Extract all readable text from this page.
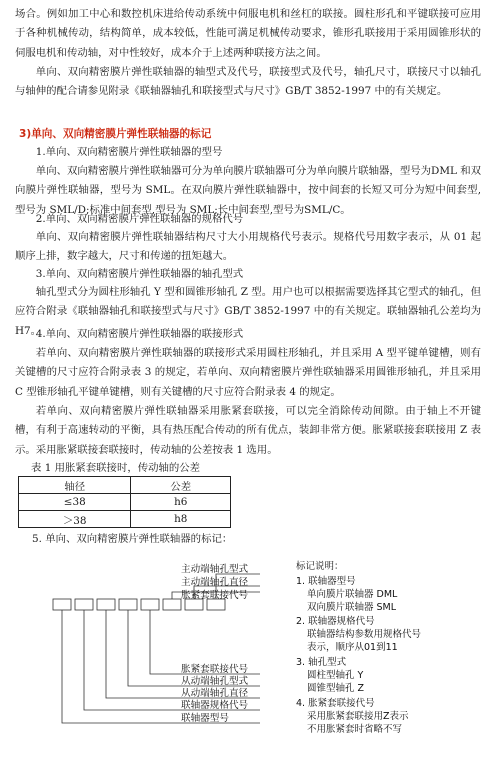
场合。例如加工中心和数控机床进给传动系统中伺服电机和丝杠的联接。圆柱形孔和平键联接可应用于各种机械传动，结构简单，成本较低，性能可满足机械传动要求，锥形孔联接用于采用圆锥形状的伺服电机和传动轴，对中性较好，成本介于上述两种联接方法之间。

单向、双向精密膜片弹性联轴器的轴型式及代号，联接型式及代号，轴孔尺寸，联接尺寸以轴孔与轴伸的配合请参见附录《联轴器轴孔和联接型式与尺寸》GB/T 3852-1997 中的有关规定。

3)单向、双向精密膜片弹性联轴器的标记

1.单向、双向精密膜片弹性联轴器的型号

单向、双向精密膜片弹性联轴器可分为单向膜片联轴器可分为单向膜片联轴器，型号为DML 和双向膜片弹性联轴器，型号为 SML。在双向膜片弹性联轴器中，按中间套的长短又可分为短中间套型,型号为 SML/D;标准中间套型,型号为 SML;长中间套型,型号为SML/C。

2.单向、双向精密膜片弹性联轴器的规格代号

单向、双向精密膜片弹性联轴器结构尺寸大小用规格代号表示。规格代号用数字表示，从 01 起顺序上排，数字越大，尺寸和传递的扭矩越大。

3.单向、双向精密膜片弹性联轴器的轴孔型式

轴孔型式分为圆柱形轴孔 Y 型和圆锥形轴孔 Z 型。用户也可以根据需要选择其它型式的轴孔，但应符合附录《联轴器轴孔和联接型式与尺寸》GB/T 3852-1997 中的有关规定。联轴器轴孔公差均为 H7。

4.单向、双向精密膜片弹性联轴器的联接形式

若单向、双向精密膜片弹性联轴器的联接形式采用圆柱形轴孔，并且采用 A 型平键单键槽，则有关键槽的尺寸应符合附录表 3 的规定，若单向、双向精密膜片弹性联轴器采用圆锥形轴孔，并且采用 C 型锥形轴孔平键单键槽，则有关键槽的尺寸应符合附录表 4 的规定。

若单向、双向精密膜片弹性联轴器采用胀紧套联接，可以完全消除传动间隙。由于轴上不开键槽，有利于高速转动的平衡，具有热压配合传动的所有优点，装卸非常方便。胀紧联接套联接用 Z 表示。采用胀紧联接套联接时，传动轴的公差按表 1 选用。

表 1 用胀紧套联接时，传动轴的公差
轴径	公差
≤38	h6
＞38	h8
5. 单向、双向精密膜片弹性联轴器的标记：
主动端轴孔型式
主动端轴孔直径
胀紧套联接代号
胀紧套联接代号
从动端轴孔型式
从动端轴孔直径
联轴器规格代号
联轴器型号
标记说明：
1. 联轴器型号
单向膜片联轴器 DML
双向膜片联轴器 SML
2. 联轴器规格代号
联轴器结构参数用规格代号
表示，顺序从01到11
3. 轴孔型式
圆柱型轴孔 Y
圆锥型轴孔 Z
4. 胀紧套联接代号
采用胀紧套联接用Z表示
不用胀紧套时省略不写
